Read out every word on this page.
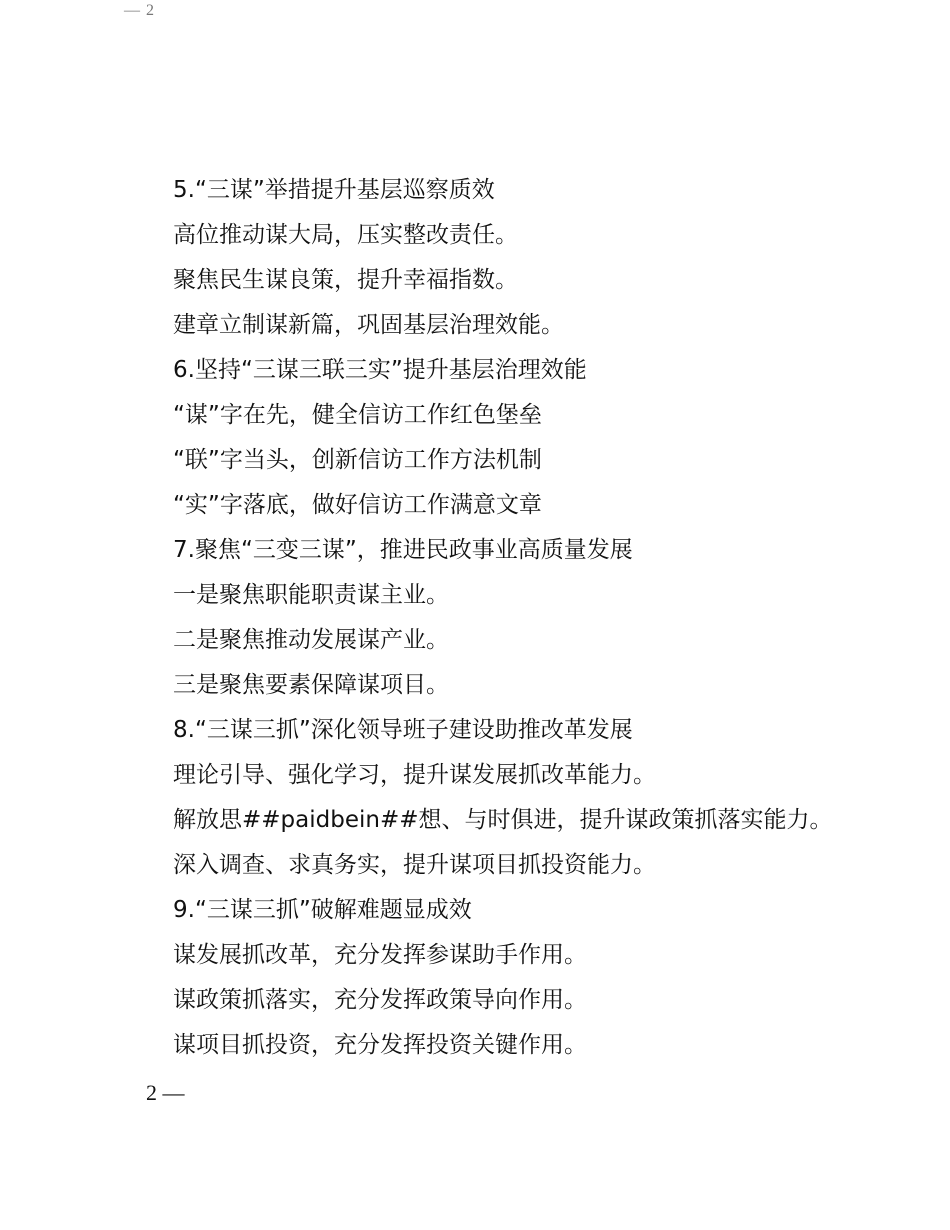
— 2
5.“三谋”举措提升基层巡察质效
高位推动谋大局，压实整改责任。
聚焦民生谋良策，提升幸福指数。
建章立制谋新篇，巩固基层治理效能。
6.坚持“三谋三联三实”提升基层治理效能
“谋”字在先，健全信访工作红色堡垒
“联”字当头，创新信访工作方法机制
“实”字落底，做好信访工作满意文章
7.聚焦“三变三谋”，推进民政事业高质量发展
一是聚焦职能职责谋主业。
二是聚焦推动发展谋产业。
三是聚焦要素保障谋项目。
8.“三谋三抓”深化领导班子建设助推改革发展
理论引导、强化学习，提升谋发展抓改革能力。
解放思##paidbein##想、与时俱进，提升谋政策抓落实能力。
深入调查、求真务实，提升谋项目抓投资能力。
9.“三谋三抓”破解难题显成效
谋发展抓改革，充分发挥参谋助手作用。
谋政策抓落实，充分发挥政策导向作用。
谋项目抓投资，充分发挥投资关键作用。
2 —
